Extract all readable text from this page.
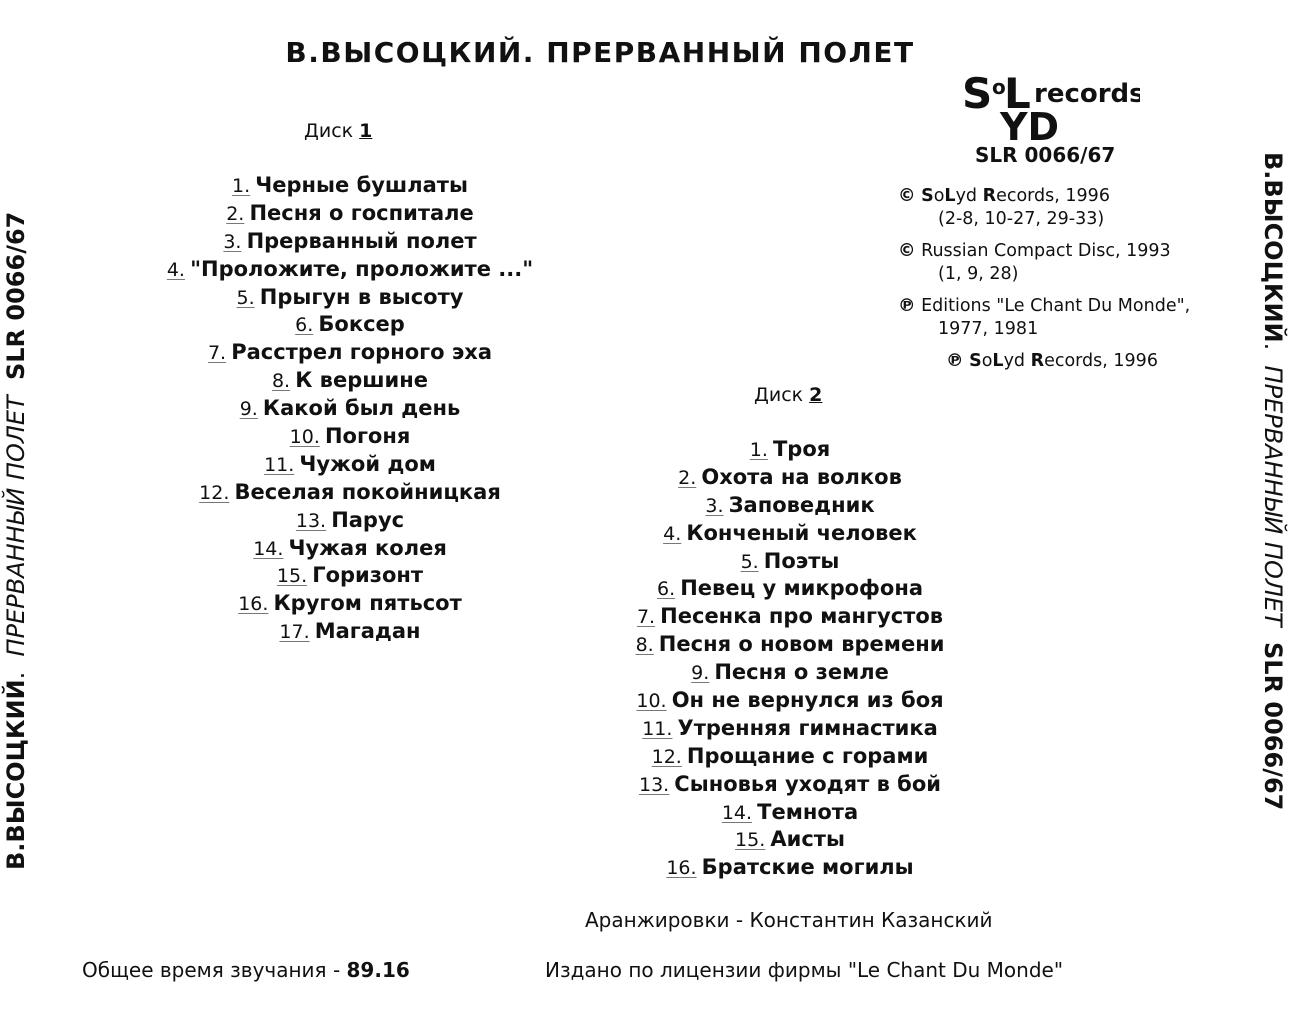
В.ВЫСОЦКИЙ.  ПРЕРВАННЫЙ ПОЛЕТ  SLR 0066/67	В.ВЫСОЦКИЙ.  ПРЕРВАННЫЙ ПОЛЕТ  SLR 0066/67
В.ВЫСОЦКИЙ. ПРЕРВАННЫЙ ПОЛЕТ
Диск 1
1. Черные бушлаты
2. Песня о госпитале
3. Прерванный полет
4. "Проложите, проложите ..."
5. Прыгун в высоту
6. Боксер
7. Расстрел горного эха
8. К вершине
9. Какой был день
10. Погоня
11. Чужой дом
12. Веселая покойницкая
13. Парус
14. Чужая колея
15. Горизонт
16. Кругом пятьсот
17. Магадан
Диск 2
1. Троя
2. Охота на волков
3. Заповедник
4. Конченый человек
5. Поэты
6. Певец у микрофона
7. Песенка про мангустов
8. Песня о новом времени
9. Песня о земле
10. Он не вернулся из боя
11. Утренняя гимнастика
12. Прощание с горами
13. Сыновья уходят в бой
14. Темнота
15. Аисты
16. Братские могилы
S o
L
YD
records
SLR 0066/67
© SoLyd Records, 1996
(2-8, 10-27, 29-33)
© Russian Compact Disc, 1993
(1, 9, 28)
℗ Editions "Le Chant Du Monde",
1977, 1981
℗ SoLyd Records, 1996
Аранжировки - Константин Казанский
Общее время звучания - 89.16	Издано по лицензии фирмы "Le Chant Du Monde"
